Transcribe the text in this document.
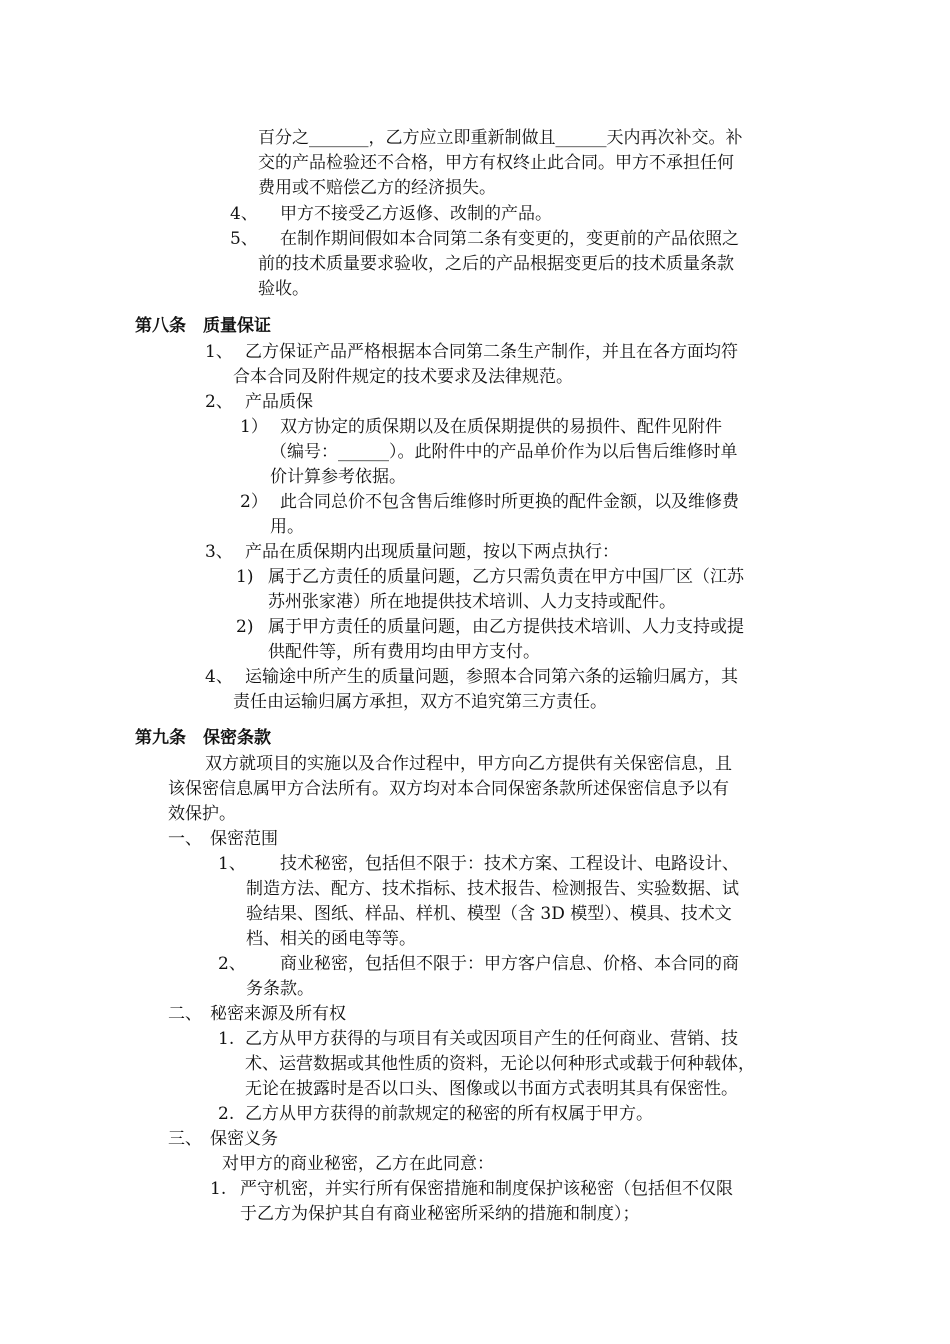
百分之_______，乙方应立即重新制做且______天内再次补交。补

交的产品检验还不合格，甲方有权终止此合同。甲方不承担任何

费用或不赔偿乙方的经济损失。

4、 甲方不接受乙方返修、改制的产品。

5、 在制作期间假如本合同第二条有变更的，变更前的产品依照之

前的技术质量要求验收，之后的产品根据变更后的技术质量条款

验收。

第八条　质量保证
1、 乙方保证产品严格根据本合同第二条生产制作，并且在各方面均符

合本合同及附件规定的技术要求及法律规范。

2、 产品质保

1） 双方协定的质保期以及在质保期提供的易损件、配件见附件

（编号：______）。此附件中的产品单价作为以后售后维修时单

价计算参考依据。

2） 此合同总价不包含售后维修时所更换的配件金额，以及维修费

用。

3、 产品在质保期内出现质量问题，按以下两点执行：

1) 属于乙方责任的质量问题，乙方只需负责在甲方中国厂区（江苏

苏州张家港）所在地提供技术培训、人力支持或配件。

2) 属于甲方责任的质量问题，由乙方提供技术培训、人力支持或提

供配件等，所有费用均由甲方支付。

4、 运输途中所产生的质量问题，参照本合同第六条的运输归属方，其

责任由运输归属方承担，双方不追究第三方责任。

第九条　保密条款

双方就项目的实施以及合作过程中，甲方向乙方提供有关保密信息，且

该保密信息属甲方合法所有。双方均对本合同保密条款所述保密信息予以有

效保护。

一、 保密范围

1、 技术秘密，包括但不限于：技术方案、工程设计、电路设计、

制造方法、配方、技术指标、技术报告、检测报告、实验数据、试

验结果、图纸、样品、样机、模型（含 3D 模型）、模具、技术文

档、相关的函电等等。

2、 商业秘密，包括但不限于：甲方客户信息、价格、本合同的商

务条款。

二、 秘密来源及所有权

1. 乙方从甲方获得的与项目有关或因项目产生的任何商业、营销、技

术、运营数据或其他性质的资料，无论以何种形式或载于何种载体，

无论在披露时是否以口头、图像或以书面方式表明其具有保密性。

2. 乙方从甲方获得的前款规定的秘密的所有权属于甲方。

三、 保密义务

对甲方的商业秘密，乙方在此同意：

1. 严守机密，并实行所有保密措施和制度保护该秘密（包括但不仅限

于乙方为保护其自有商业秘密所采纳的措施和制度）；
